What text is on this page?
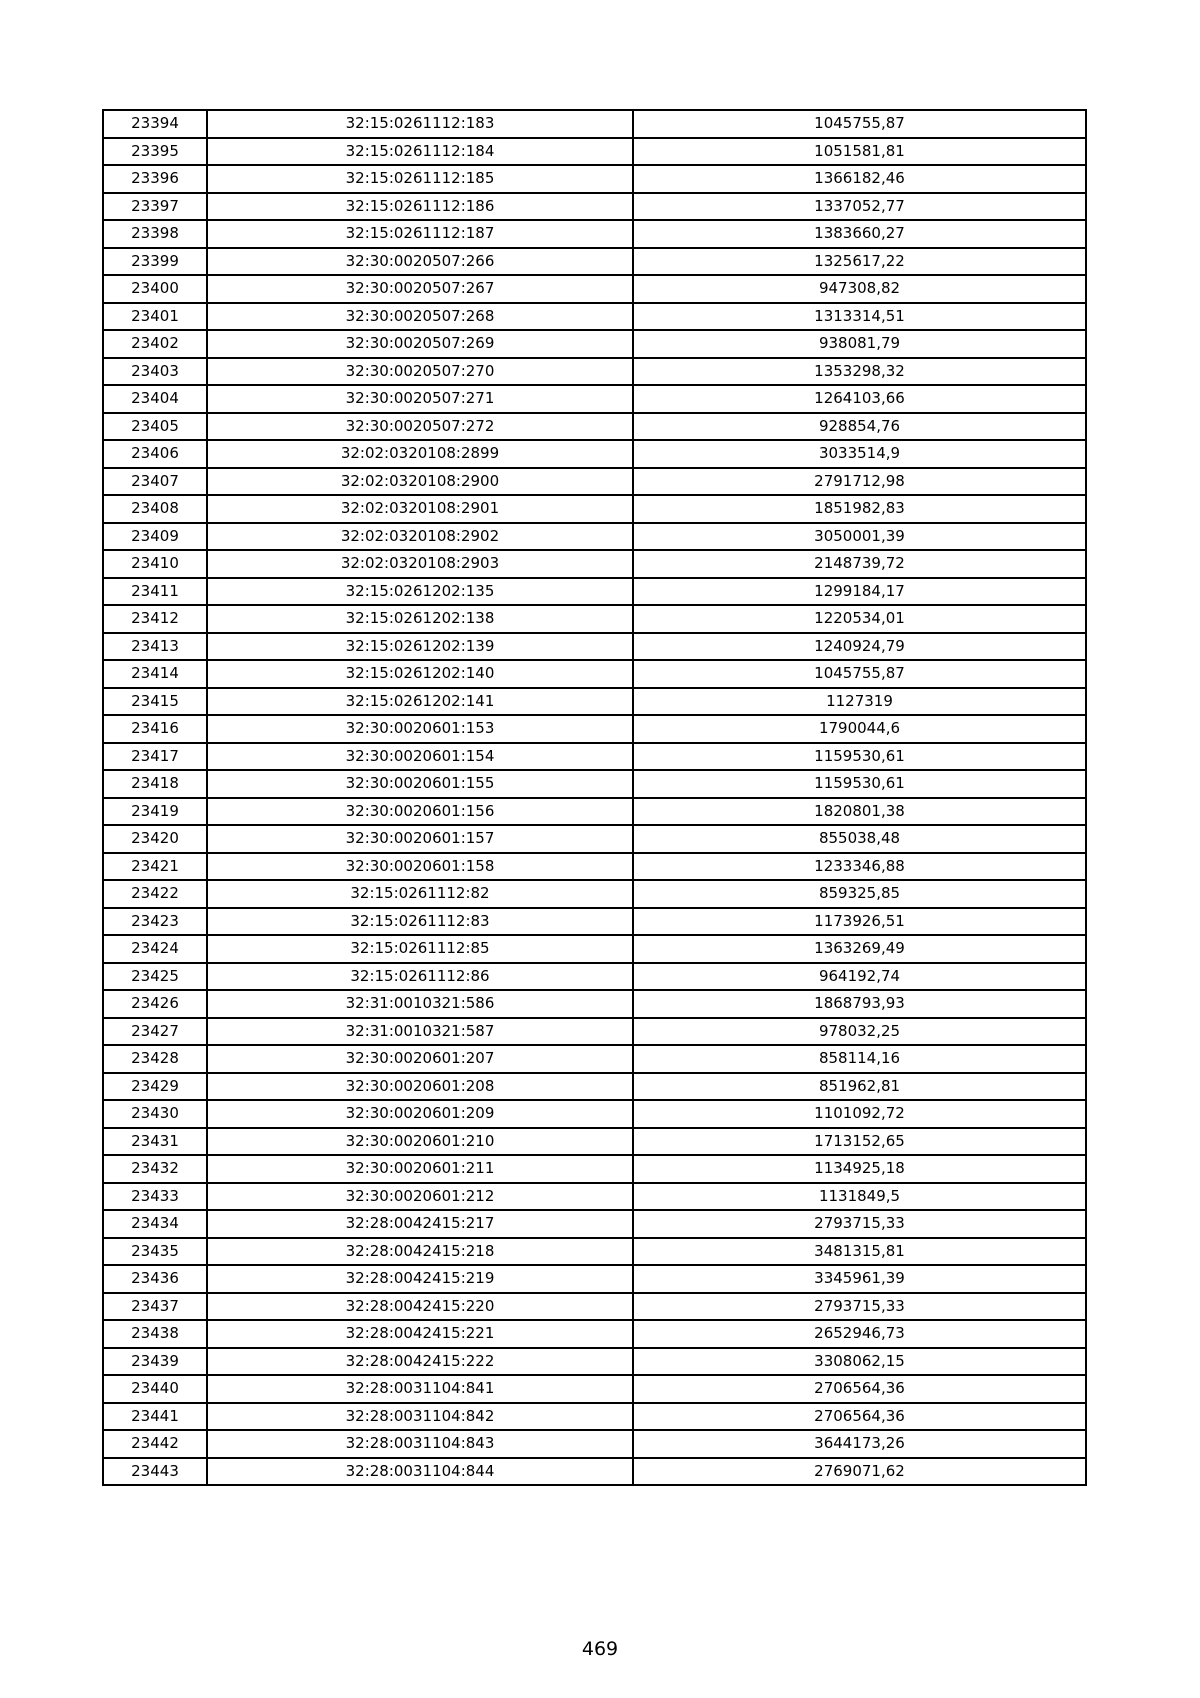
23394	32:15:0261112:183	1045755,87
23395	32:15:0261112:184	1051581,81
23396	32:15:0261112:185	1366182,46
23397	32:15:0261112:186	1337052,77
23398	32:15:0261112:187	1383660,27
23399	32:30:0020507:266	1325617,22
23400	32:30:0020507:267	947308,82
23401	32:30:0020507:268	1313314,51
23402	32:30:0020507:269	938081,79
23403	32:30:0020507:270	1353298,32
23404	32:30:0020507:271	1264103,66
23405	32:30:0020507:272	928854,76
23406	32:02:0320108:2899	3033514,9
23407	32:02:0320108:2900	2791712,98
23408	32:02:0320108:2901	1851982,83
23409	32:02:0320108:2902	3050001,39
23410	32:02:0320108:2903	2148739,72
23411	32:15:0261202:135	1299184,17
23412	32:15:0261202:138	1220534,01
23413	32:15:0261202:139	1240924,79
23414	32:15:0261202:140	1045755,87
23415	32:15:0261202:141	1127319
23416	32:30:0020601:153	1790044,6
23417	32:30:0020601:154	1159530,61
23418	32:30:0020601:155	1159530,61
23419	32:30:0020601:156	1820801,38
23420	32:30:0020601:157	855038,48
23421	32:30:0020601:158	1233346,88
23422	32:15:0261112:82	859325,85
23423	32:15:0261112:83	1173926,51
23424	32:15:0261112:85	1363269,49
23425	32:15:0261112:86	964192,74
23426	32:31:0010321:586	1868793,93
23427	32:31:0010321:587	978032,25
23428	32:30:0020601:207	858114,16
23429	32:30:0020601:208	851962,81
23430	32:30:0020601:209	1101092,72
23431	32:30:0020601:210	1713152,65
23432	32:30:0020601:211	1134925,18
23433	32:30:0020601:212	1131849,5
23434	32:28:0042415:217	2793715,33
23435	32:28:0042415:218	3481315,81
23436	32:28:0042415:219	3345961,39
23437	32:28:0042415:220	2793715,33
23438	32:28:0042415:221	2652946,73
23439	32:28:0042415:222	3308062,15
23440	32:28:0031104:841	2706564,36
23441	32:28:0031104:842	2706564,36
23442	32:28:0031104:843	3644173,26
23443	32:28:0031104:844	2769071,62
469
